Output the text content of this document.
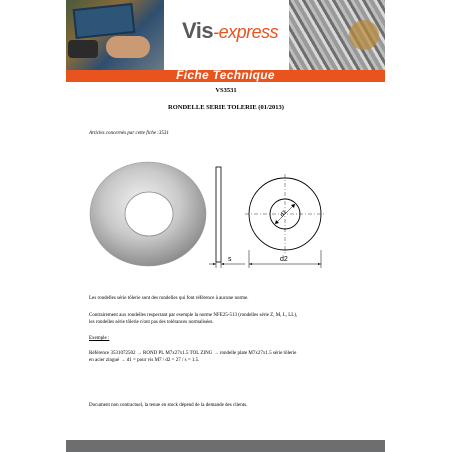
Vis-express
Fiche Technique
VS3531
RONDELLE SERIE TOLERIE (01/2013)
Articles concernés par cette fiche :3531
s
d1
d2
Les rondelles série tôlerie sont des rondelles qui font référence à aucune norme.
Contrairement aux rondelles respectant par exemple la norme NFE25-513 (rondelles série Z, M, L, LL),
les rondelles série tôlerie n'ont pas des tolérances normalisées.
Exemple :
Référence 3531072502 → ROND PL M7x27x1.5 TOL ZING → rondelle plate M7x27x1.5 série tôlerie
en acier zingué → d1 = pour vis M7 / d2 = 27 / s = 1.5.
Document non contractuel, la tenue en stock dépend de la demande des clients.
